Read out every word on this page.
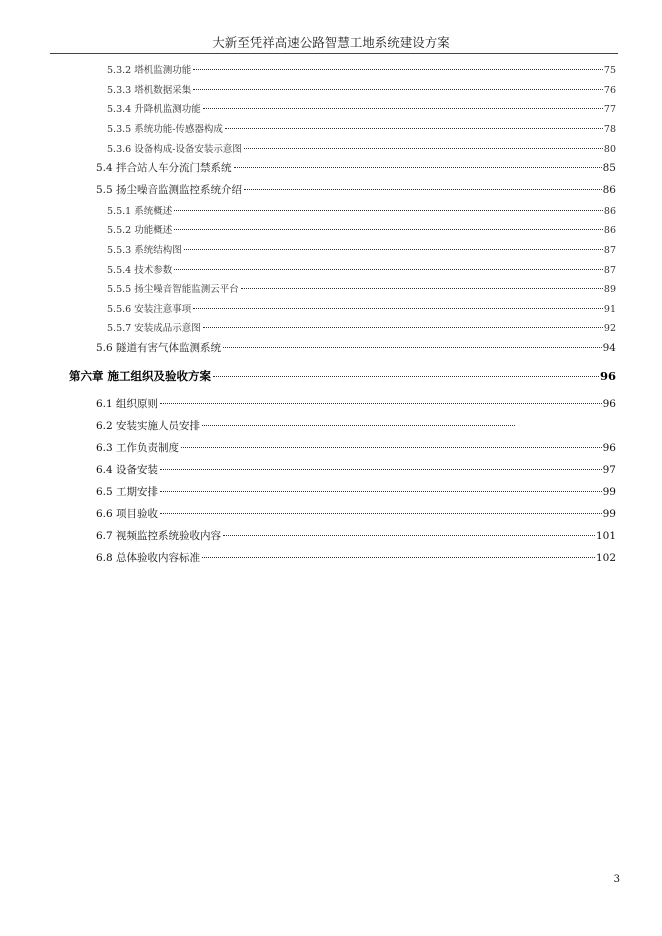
大新至凭祥高速公路智慧工地系统建设方案
5.3.2 塔机监测功能	75
5.3.3 塔机数据采集	76
5.3.4 升降机监测功能	77
5.3.5 系统功能-传感器构成	78
5.3.6 设备构成-设备安装示意图	80
5.4 拌合站人车分流门禁系统	85
5.5 扬尘噪音监测监控系统介绍	86
5.5.1 系统概述	86
5.5.2 功能概述	86
5.5.3 系统结构图	87
5.5.4 技术参数	87
5.5.5 扬尘噪音智能监测云平台	89
5.5.6 安装注意事项	91
5.5.7 安装成品示意图	92
5.6 隧道有害气体监测系统	94
第六章 施工组织及验收方案	96
6.1 组织原则	96
6.2 安装实施人员安排
6.3 工作负责制度	96
6.4 设备安装	97
6.5 工期安排	99
6.6 项目验收	99
6.7 视频监控系统验收内容	101
6.8 总体验收内容标准	102
3
